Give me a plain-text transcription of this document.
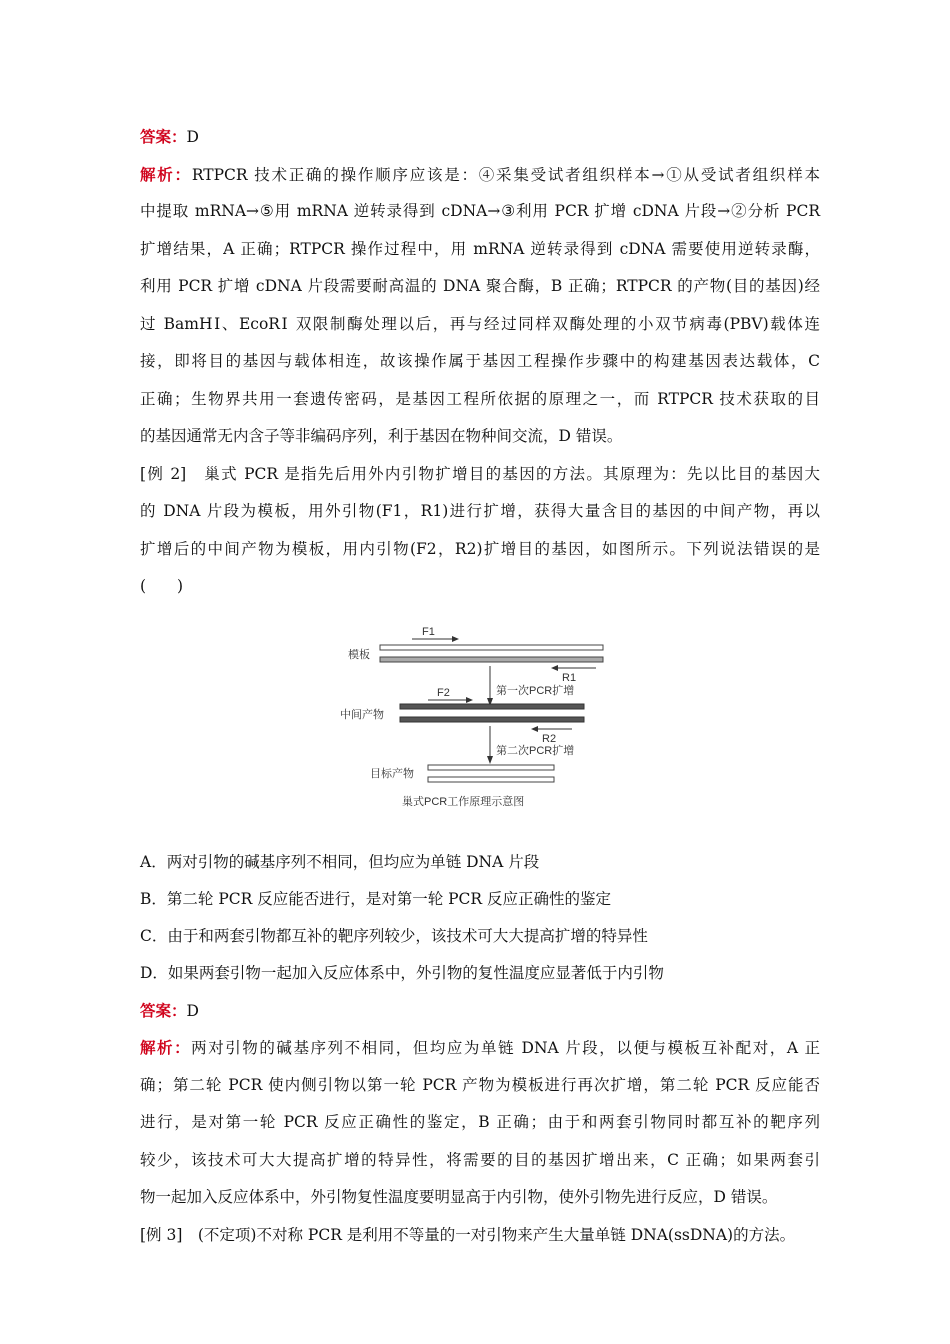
答案：D
解析：RTPCR 技术正确的操作顺序应该是：④采集受试者组织样本→①从受试者组织样本
中提取 mRNA→⑤用 mRNA 逆转录得到 cDNA→③利用 PCR 扩增 cDNA 片段→②分析 PCR
扩增结果，A 正确；RTPCR 操作过程中，用 mRNA 逆转录得到 cDNA 需要使用逆转录酶，
利用 PCR 扩增 cDNA 片段需要耐高温的 DNA 聚合酶，B 正确；RTPCR 的产物(目的基因)经
过 BamHⅠ、EcoRⅠ 双限制酶处理以后，再与经过同样双酶处理的小双节病毒(PBV)载体连
接，即将目的基因与载体相连，故该操作属于基因工程操作步骤中的构建基因表达载体，C
正确；生物界共用一套遗传密码，是基因工程所依据的原理之一，而 RTPCR 技术获取的目
的基因通常无内含子等非编码序列，利于基因在物种间交流，D 错误。
[例 2]　巢式 PCR 是指先后用外内引物扩增目的基因的方法。其原理为：先以比目的基因大
的 DNA 片段为模板，用外引物(F1，R1)进行扩增，获得大量含目的基因的中间产物，再以
扩增后的中间产物为模板，用内引物(F2，R2)扩增目的基因，如图所示。下列说法错误的是
(　　)
F1
模板
R1
第一次PCR扩增
F2
中间产物
R2
第二次PCR扩增
目标产物
巢式PCR工作原理示意图
A．两对引物的碱基序列不相同，但均应为单链 DNA 片段
B．第二轮 PCR 反应能否进行，是对第一轮 PCR 反应正确性的鉴定
C．由于和两套引物都互补的靶序列较少，该技术可大大提高扩增的特异性
D．如果两套引物一起加入反应体系中，外引物的复性温度应显著低于内引物
答案：D
解析：两对引物的碱基序列不相同，但均应为单链 DNA 片段，以便与模板互补配对，A 正
确；第二轮 PCR 使内侧引物以第一轮 PCR 产物为模板进行再次扩增，第二轮 PCR 反应能否
进行，是对第一轮 PCR 反应正确性的鉴定，B 正确；由于和两套引物同时都互补的靶序列
较少，该技术可大大提高扩增的特异性，将需要的目的基因扩增出来，C 正确；如果两套引
物一起加入反应体系中，外引物复性温度要明显高于内引物，使外引物先进行反应，D 错误。
[例 3]　(不定项)不对称 PCR 是利用不等量的一对引物来产生大量单链 DNA(ssDNA)的方法。
